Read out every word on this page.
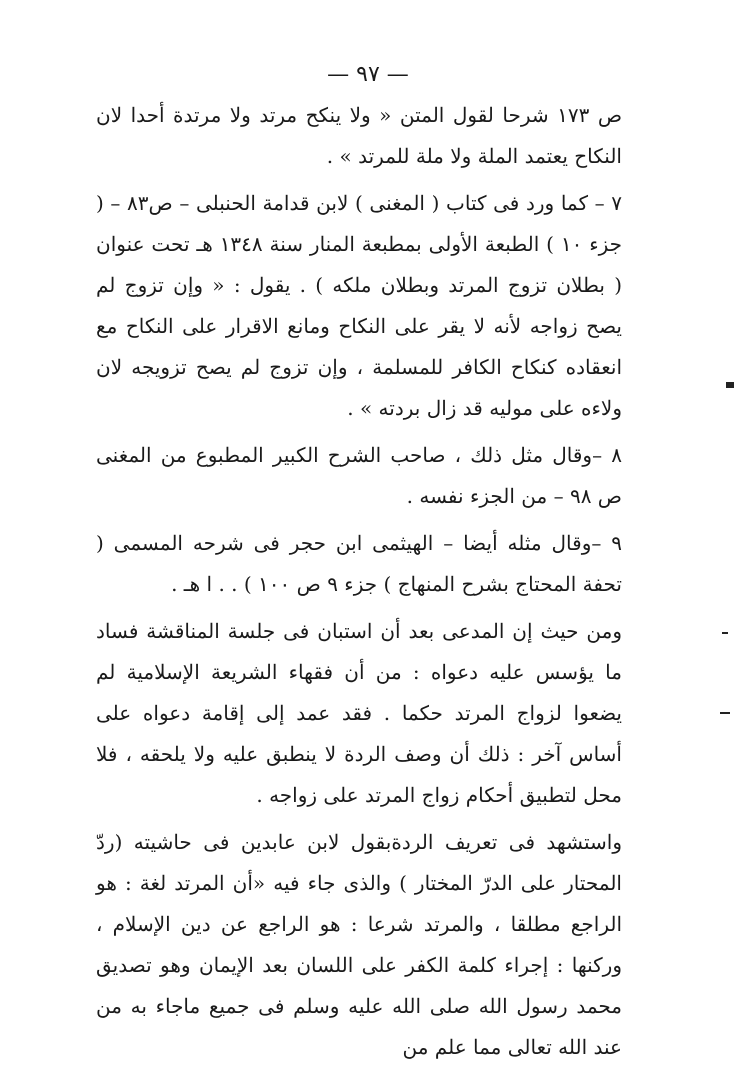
— ٩٧ —

ص ١٧٣ شرحا لقول المتن « ولا ينكح مرتد ولا مرتدة أحدا لان النكاح يعتمد الملة ولا ملة للمرتد » .

٧ – كما ورد فى كتاب ( المغنى ) لابن قدامة الحنبلى – ص٨٣ – ( جزء ١٠ ) الطبعة الأولى بمطبعة المنار سنة ١٣٤٨ هـ تحت عنوان ( بطلان تزوج المرتد وبطلان ملكه ) . يقول : « وإن تزوج لم يصح زواجه لأنه لا يقر على النكاح ومانع الاقرار على النكاح مع انعقاده كنكاح الكافر للمسلمة ، وإن تزوج لم يصح تزويجه لان ولاءه على موليه قد زال بردته » .

٨ –وقال مثل ذلك ، صاحب الشرح الكبير المطبوع من المغنى ص ٩٨ – من الجزء نفسه .

٩ –وقال مثله أيضا – الهيثمى ابن حجر فى شرحه المسمى ( تحفة المحتاج بشرح المنهاج ) جزء ٩ ص ١٠٠ ) . . ا هـ .

ومن حيث إن المدعى بعد أن استبان فى جلسة المناقشة فساد ما يؤسس عليه دعواه : من أن فقهاء الشريعة الإسلامية لم يضعوا لزواج المرتد حكما . فقد عمد إلى إقامة دعواه على أساس آخر : ذلك أن وصف الردة لا ينطبق عليه ولا يلحقه ، فلا محل لتطبيق أحكام زواج المرتد على زواجه .

واستشهد فى تعريف الردةبقول لابن عابدين فى حاشيته (ردّ المحتار على الدرّ المختار ) والذى جاء فيه «أن المرتد لغة : هو الراجع مطلقا ، والمرتد شرعا : هو الراجع عن دين الإسلام ، وركنها : إجراء كلمة الكفر على اللسان بعد الإيمان وهو تصديق محمد رسول الله صلى الله عليه وسلم فى جميع ماجاء به من عند الله تعالى مما علم من
